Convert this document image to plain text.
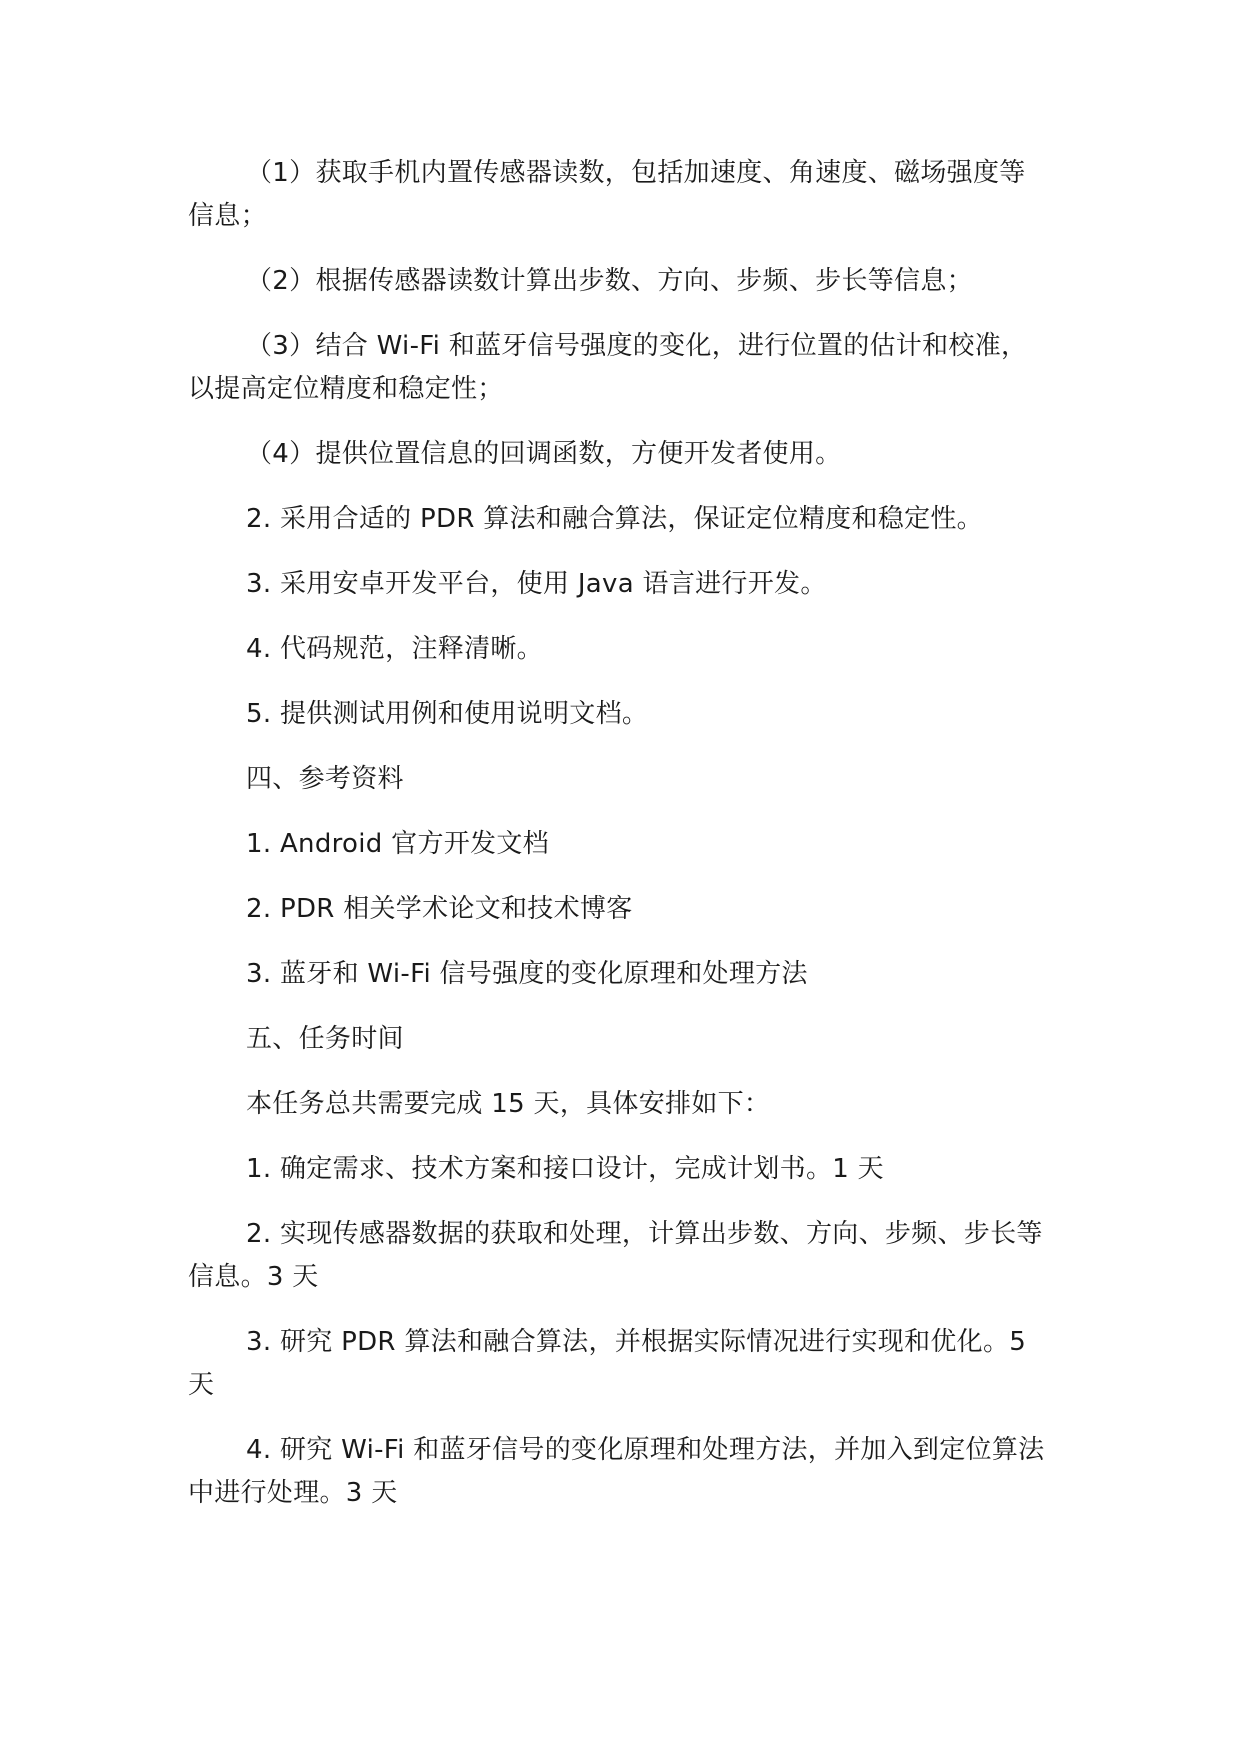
（1）获取手机内置传感器读数，包括加速度、角速度、磁场强度等信息；

（2）根据传感器读数计算出步数、方向、步频、步长等信息；

（3）结合 Wi-Fi 和蓝牙信号强度的变化，进行位置的估计和校准，以提高定位精度和稳定性；

（4）提供位置信息的回调函数，方便开发者使用。

2. 采用合适的 PDR 算法和融合算法，保证定位精度和稳定性。

3. 采用安卓开发平台，使用 Java 语言进行开发。

4. 代码规范，注释清晰。

5. 提供测试用例和使用说明文档。

四、参考资料

1. Android 官方开发文档

2. PDR 相关学术论文和技术博客

3. 蓝牙和 Wi-Fi 信号强度的变化原理和处理方法

五、任务时间

本任务总共需要完成 15 天，具体安排如下：

1. 确定需求、技术方案和接口设计，完成计划书。1 天

2. 实现传感器数据的获取和处理，计算出步数、方向、步频、步长等信息。3 天

3. 研究 PDR 算法和融合算法，并根据实际情况进行实现和优化。5 天

4. 研究 Wi-Fi 和蓝牙信号的变化原理和处理方法，并加入到定位算法中进行处理。3 天
